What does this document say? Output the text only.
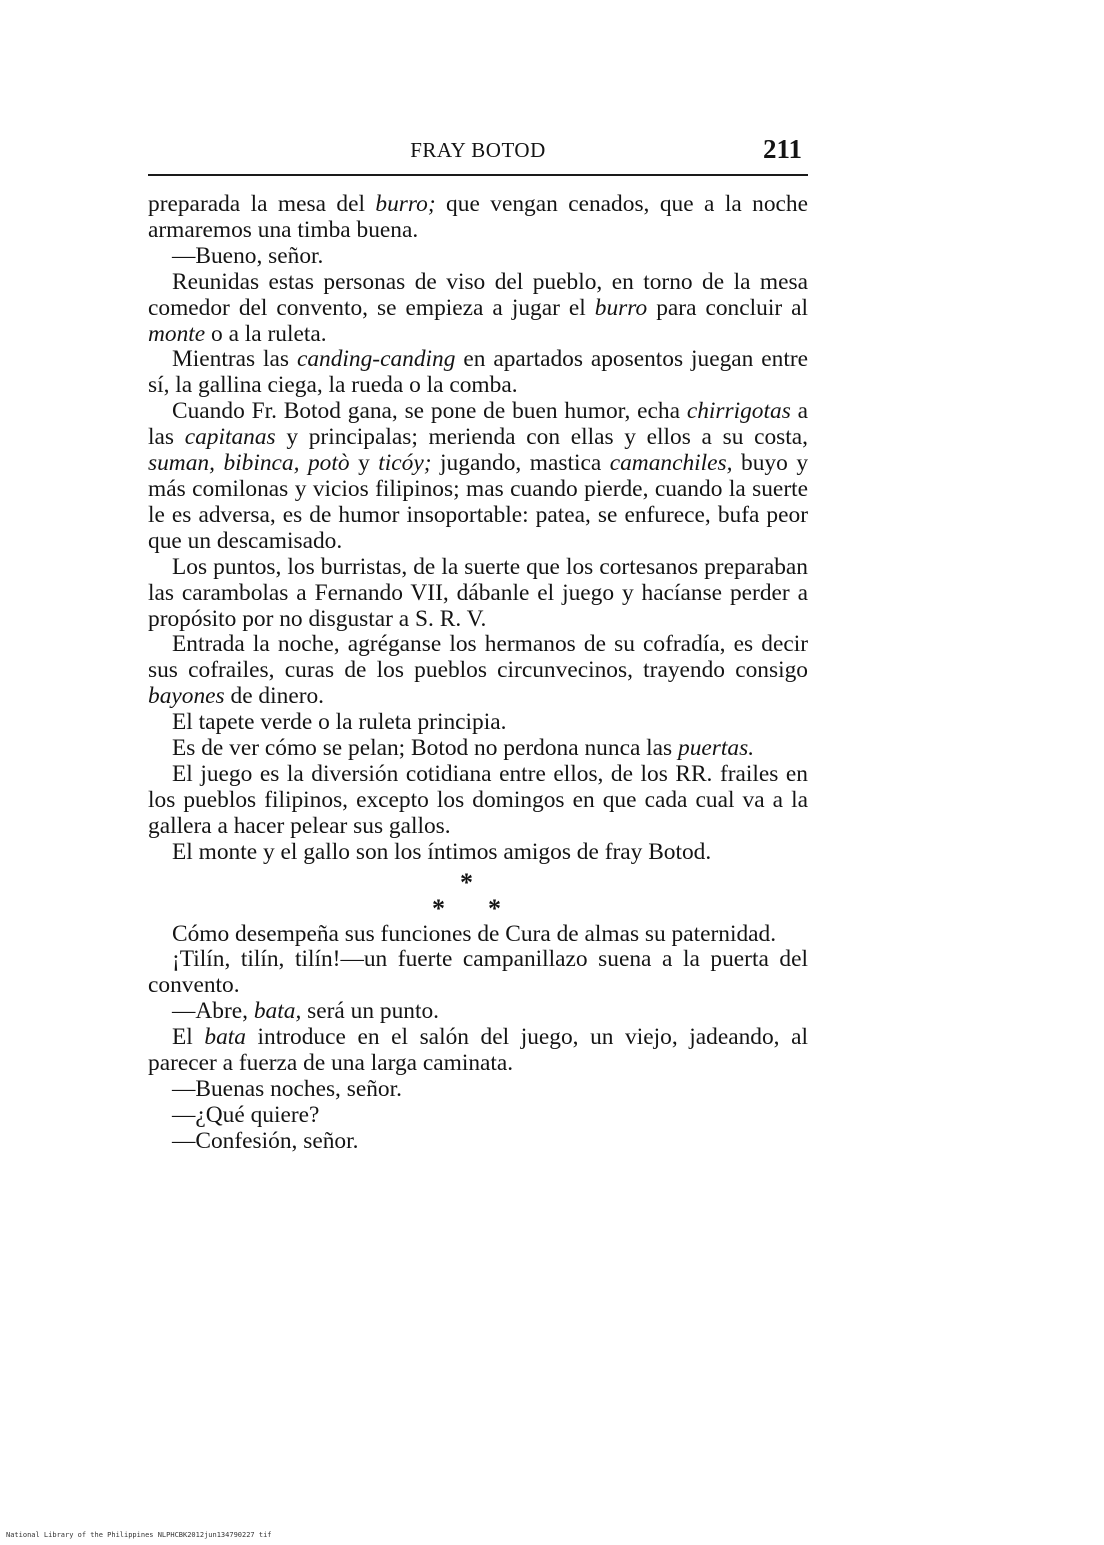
FRAY BOTOD	211

preparada la mesa del burro; que vengan cenados, que a la noche armaremos una timba buena.

—Bueno, señor.

Reunidas estas personas de viso del pueblo, en torno de la mesa comedor del convento, se empieza a jugar el burro para concluir al monte o a la ruleta.

Mientras las canding-canding en apartados aposentos juegan entre sí, la gallina ciega, la rueda o la comba.

Cuando Fr. Botod gana, se pone de buen humor, echa chirrigotas a las capitanas y principalas; merienda con ellas y ellos a su costa, suman, bibinca, potò y ticóy; jugando, mastica camanchiles, buyo y más comilonas y vicios filipinos; mas cuando pierde, cuando la suerte le es adversa, es de humor insoportable: patea, se enfurece, bufa peor que un descamisado.

Los puntos, los burristas, de la suerte que los cortesanos preparaban las carambolas a Fernando VII, dábanle el juego y hacíanse perder a propósito por no disgustar a S. R. V.

Entrada la noche, agréganse los hermanos de su cofradía, es decir sus cofrailes, curas de los pueblos circunvecinos, trayendo consigo bayones de dinero.

El tapete verde o la ruleta principia.

Es de ver cómo se pelan; Botod no perdona nunca las puertas.

El juego es la diversión cotidiana entre ellos, de los RR. frailes en los pueblos filipinos, excepto los domingos en que cada cual va a la gallera a hacer pelear sus gallos.

El monte y el gallo son los íntimos amigos de fray Botod.

*
* *

Cómo desempeña sus funciones de Cura de almas su paternidad.

¡Tilín, tilín, tilín!—un fuerte campanillazo suena a la puerta del convento.

—Abre, bata, será un punto.

El bata introduce en el salón del juego, un viejo, jadeando, al parecer a fuerza de una larga caminata.

—Buenas noches, señor.

—¿Qué quiere?

—Confesión, señor.

National Library of the Philippines NLPHCBK2012jun134790227 tif
